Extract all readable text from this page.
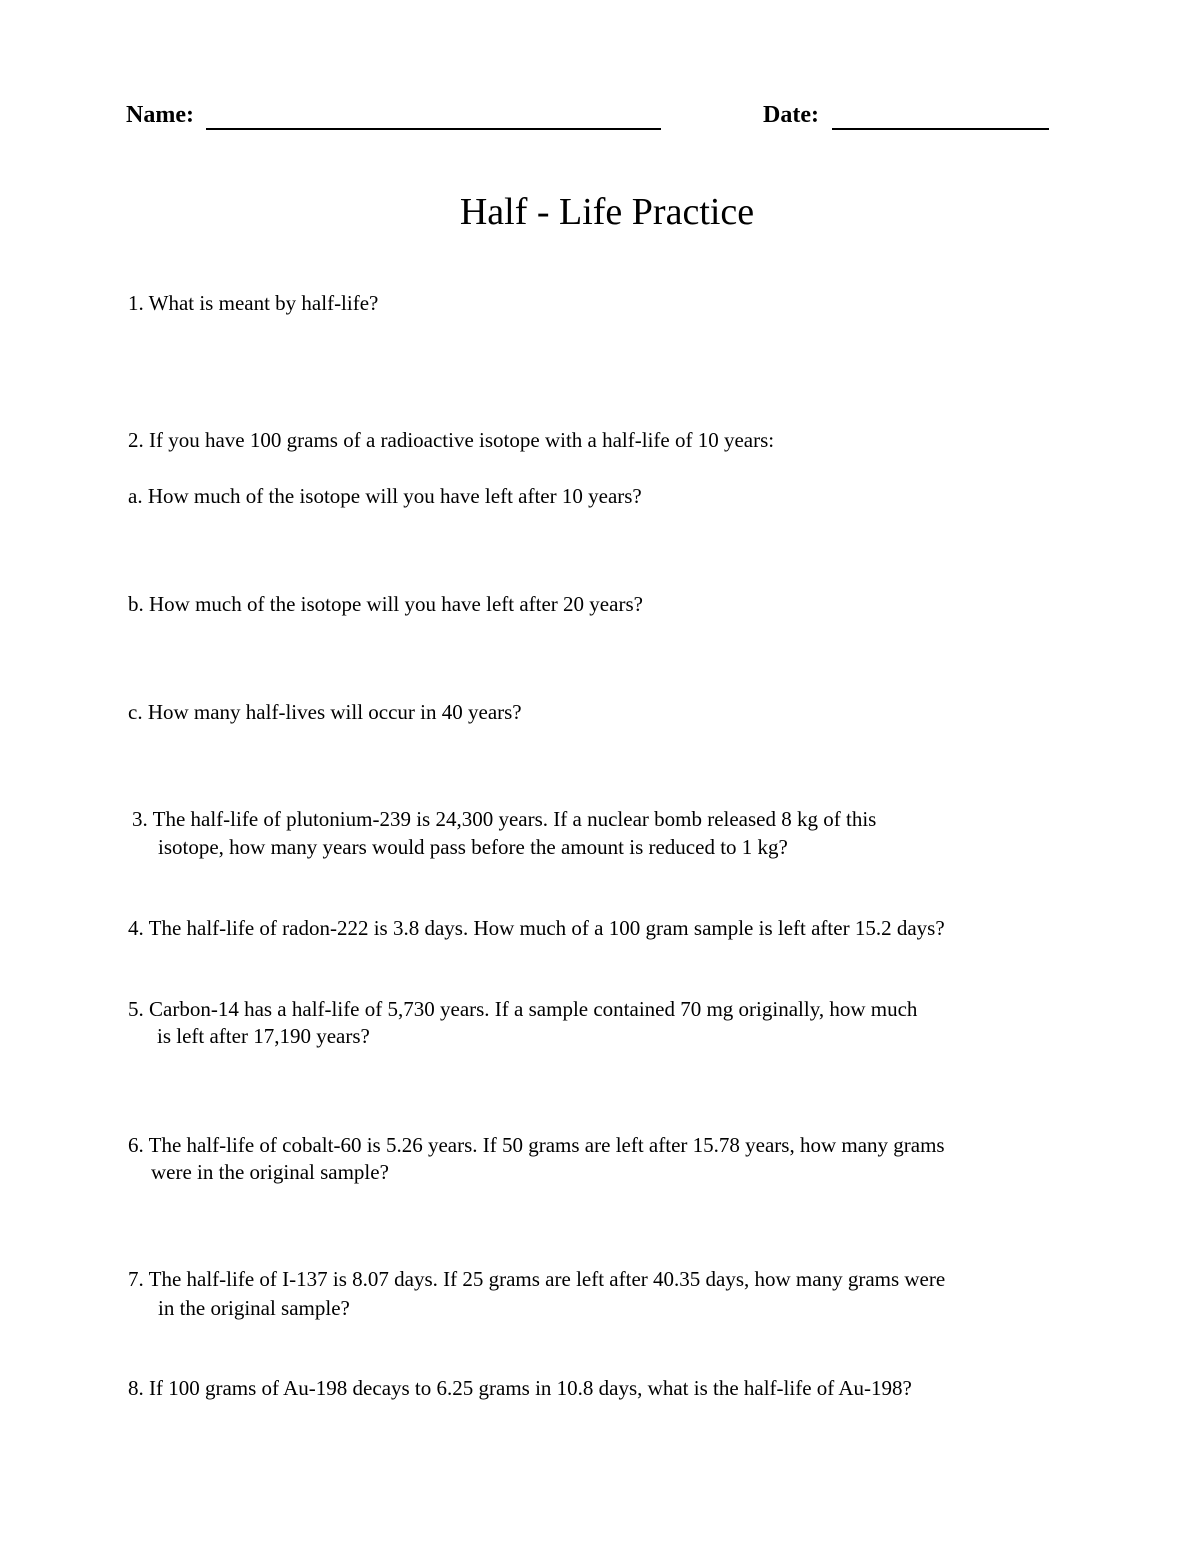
Name:	Date:
Half - Life Practice
1. What is meant by half-life?
2. If you have 100 grams of a radioactive isotope with a half-life of 10 years:
a. How much of the isotope will you have left after 10 years?
b. How much of the isotope will you have left after 20 years?
c. How many half-lives will occur in 40 years?
3. The half-life of plutonium-239 is 24,300 years. If a nuclear bomb released 8 kg of this
isotope, how many years would pass before the amount is reduced to 1 kg?
4. The half-life of radon-222 is 3.8 days. How much of a 100 gram sample is left after 15.2 days?
5. Carbon-14 has a half-life of 5,730 years. If a sample contained 70 mg originally, how much
is left after 17,190 years?
6. The half-life of cobalt-60 is 5.26 years. If 50 grams are left after 15.78 years, how many grams
were in the original sample?
7. The half-life of I-137 is 8.07 days. If 25 grams are left after 40.35 days, how many grams were
in the original sample?
8. If 100 grams of Au-198 decays to 6.25 grams in 10.8 days, what is the half-life of Au-198?
